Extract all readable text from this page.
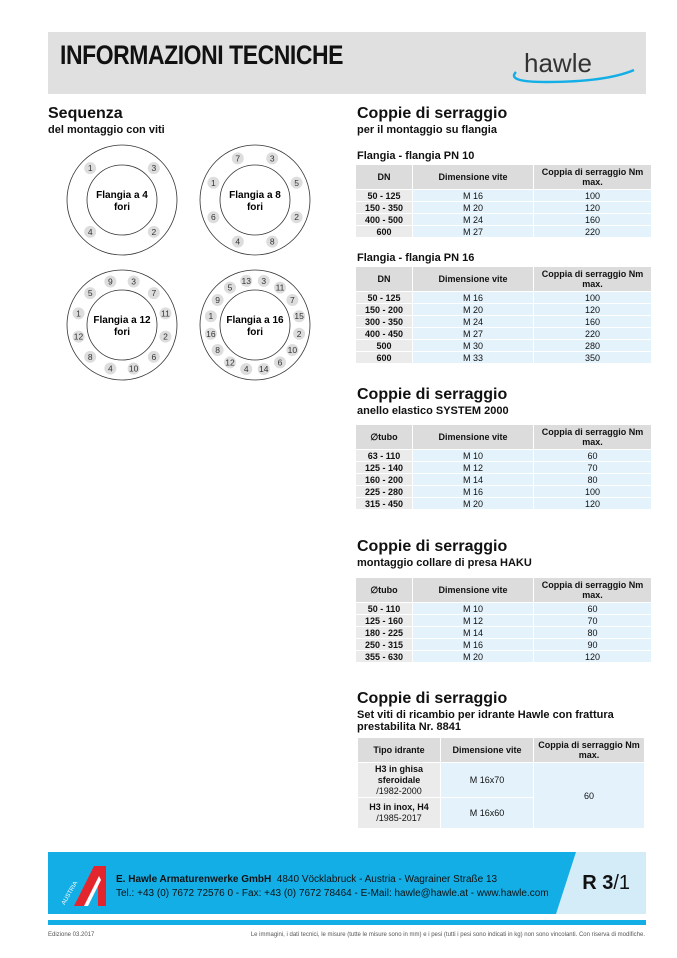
INFORMAZIONI TECNICHE	hawle
Sequenza
del montaggio con viti
Flangia a 4
fori
3
2
4
1
Flangia a 8
fori
3
5
2
8
4
6
1
7
Flangia a 12
fori
3
7
11
2
6
10
4
8
12
1
5
9
Flangia a 16
fori
3
11
7
15
2
10
6
14
4
12
8
16
1
9
5
13
Coppie di serraggio
per il montaggio su flangia
Flangia - flangia PN 10
DN	Dimensione vite	Coppia di serraggio Nm max.
50 - 125	M 16	100
150 - 350	M 20	120
400 - 500	M 24	160
600	M 27	220
Flangia - flangia PN 16
DN	Dimensione vite	Coppia di serraggio Nm max.
50 - 125	M 16	100
150 - 200	M 20	120
300 - 350	M 24	160
400 - 450	M 27	220
500	M 30	280
600	M 33	350
Coppie di serraggio
anello elastico SYSTEM 2000
∅tubo	Dimensione vite	Coppia di serraggio Nm max.
63 - 110	M 10	60
125 - 140	M 12	70
160 - 200	M 14	80
225 - 280	M 16	100
315 - 450	M 20	120
Coppie di serraggio
montaggio collare di presa HAKU
∅tubo	Dimensione vite	Coppia di serraggio Nm max.
50 - 110	M 10	60
125 - 160	M 12	70
180 - 225	M 14	80
250 - 315	M 16	90
355 - 630	M 20	120
Coppie di serraggio
Set viti di ricambio per idrante Hawle con frattura prestabilita Nr. 8841
Tipo idrante	Dimensione vite	Coppia di serraggio Nm max.
H3 in ghisa sferoidale
/1982-2000	M 16x70	60
H3 in inox, H4
/1985-2017	M 16x60	
AUSTRIA
E. Hawle Armaturenwerke GmbH 4840 Vöcklabruck - Austria - Wagrainer Straße 13
Tel.: +43 (0) 7672 72576 0 - Fax: +43 (0) 7672 78464 - E-Mail: hawle@hawle.at - www.hawle.com R 3/1
Edizione 03.2017	Le immagini, i dati tecnici, le misure (tutte le misure sono in mm) e i pesi (tutti i pesi sono indicati in kg) non sono vincolanti. Con riserva di modifiche.
